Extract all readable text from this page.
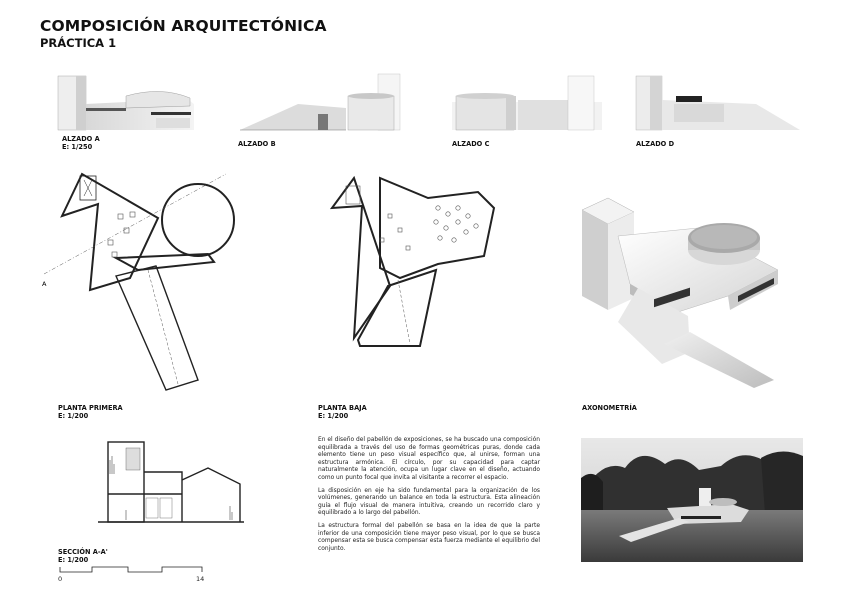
COMPOSICIÓN ARQUITECTÓNICA
PRÁCTICA 1
ALZADO A
E: 1/250	ALZADO B	ALZADO C	ALZADO D
A
PLANTA PRIMERA
E: 1/200
PLANTA BAJA
E: 1/200
AXONOMETRÍA
SECCIÓN A-A'
E: 1/200
0	14

En el diseño del pabellón de exposiciones, se ha buscado una composición equilibrada a través del uso de formas geométricas puras, donde cada elemento tiene un peso visual específico que, al unirse, forman una estructura armónica. El círculo, por su capacidad para captar naturalmente la atención, ocupa un lugar clave en el diseño, actuando como un punto focal que invita al visitante a recorrer el espacio.

La disposición en eje ha sido fundamental para la organización de los volúmenes, generando un balance en toda la estructura. Esta alineación guía el flujo visual de manera intuitiva, creando un recorrido claro y equilibrado a lo largo del pabellón.

La estructura formal del pabellón se basa en la idea de que la parte inferior de una composición tiene mayor peso visual, por lo que se busca compensar esta se busca compensar esta fuerza mediante el equilibrio del conjunto.
